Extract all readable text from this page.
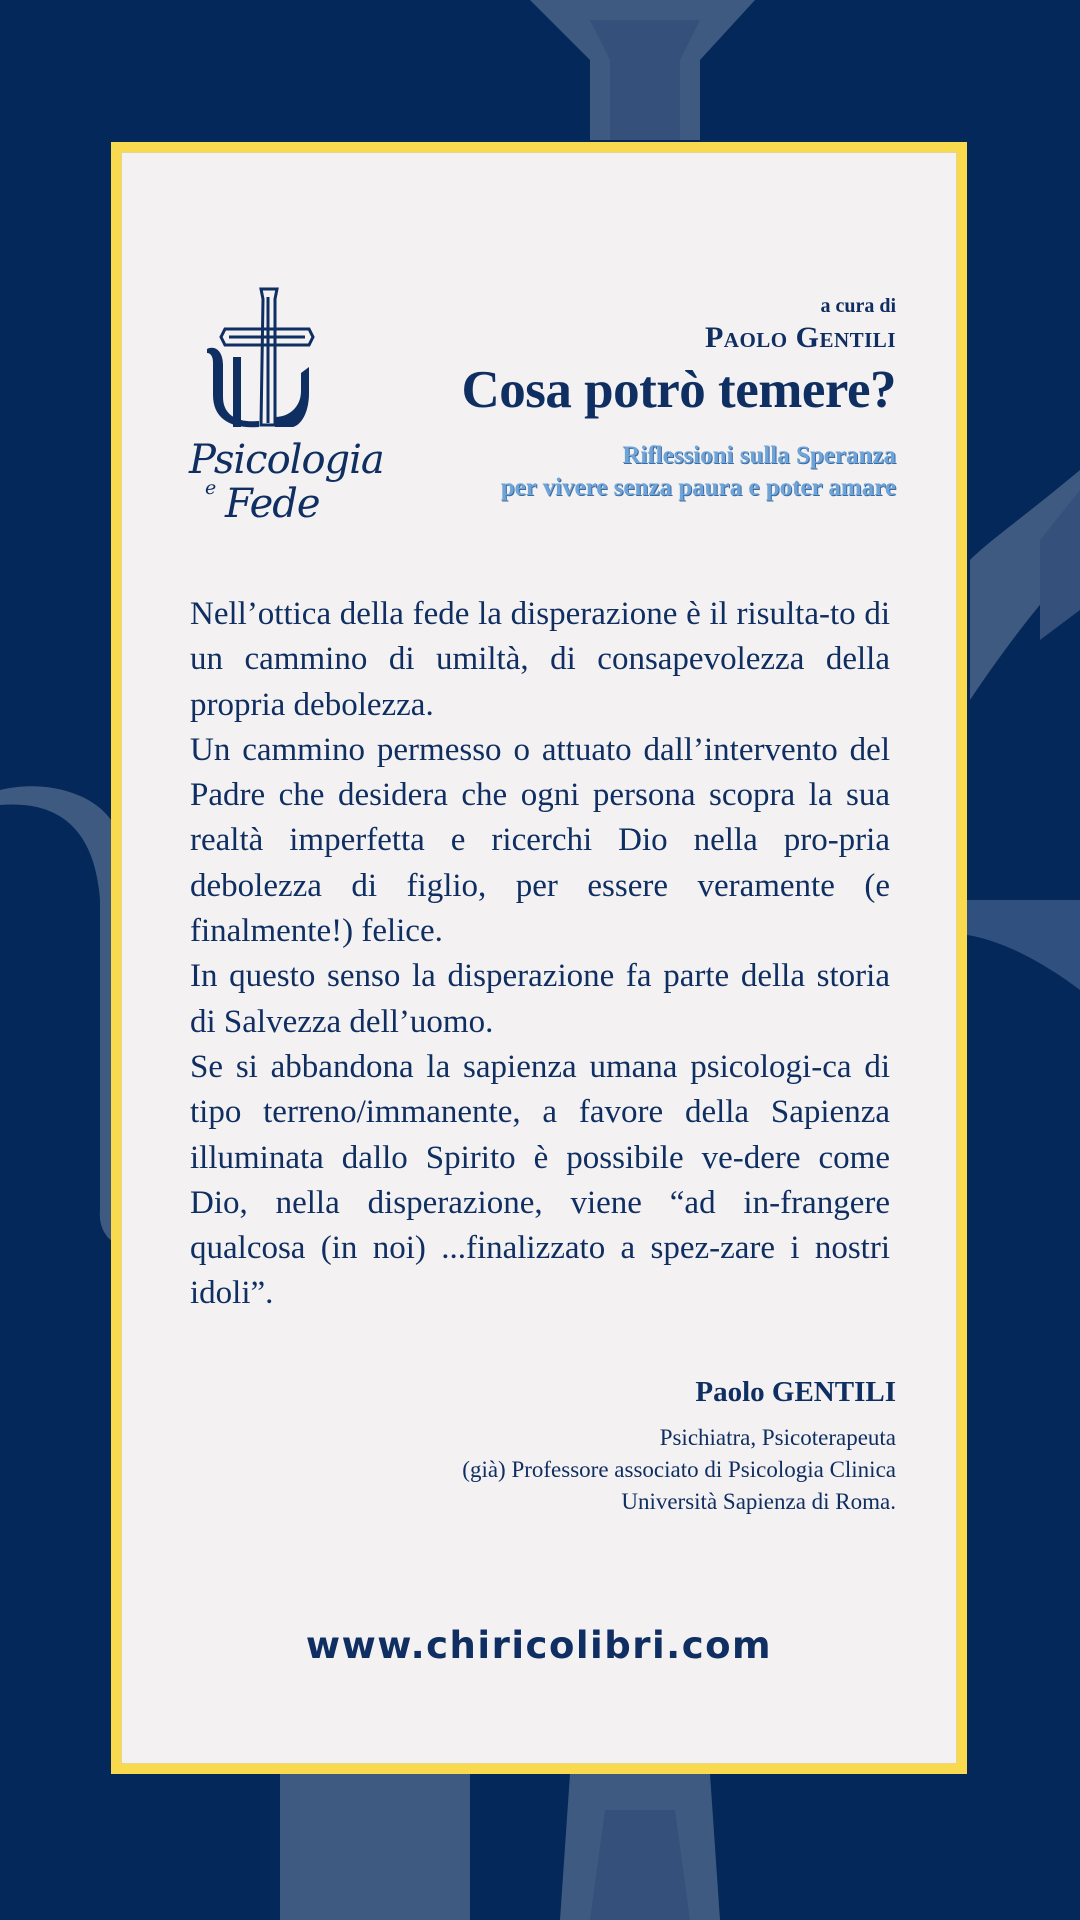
Psicologia
e Fede
a cura di
Paolo Gentili
Cosa potrò temere?
Riflessioni sulla Speranza
per vivere senza paura e poter amare

Nell’ottica della fede la disperazione è il risulta-to di un cammino di umiltà, di consapevolezza della propria debolezza.

Un cammino permesso o attuato dall’intervento del Padre che desidera che ogni persona scopra la sua realtà imperfetta e ricerchi Dio nella pro-pria debolezza di figlio, per essere veramente (e finalmente!) felice.

In questo senso la disperazione fa parte della storia di Salvezza dell’uomo.

Se si abbandona la sapienza umana psicologi-ca di tipo terreno/immanente, a favore della Sapienza illuminata dallo Spirito è possibile ve-dere come Dio, nella disperazione, viene “ad in-frangere qualcosa (in noi) ...finalizzato a spez-zare i nostri idoli”.

Paolo GENTILI
Psichiatra, Psicoterapeuta
(già) Professore associato di Psicologia Clinica
Università Sapienza di Roma.
www.chiricolibri.com
